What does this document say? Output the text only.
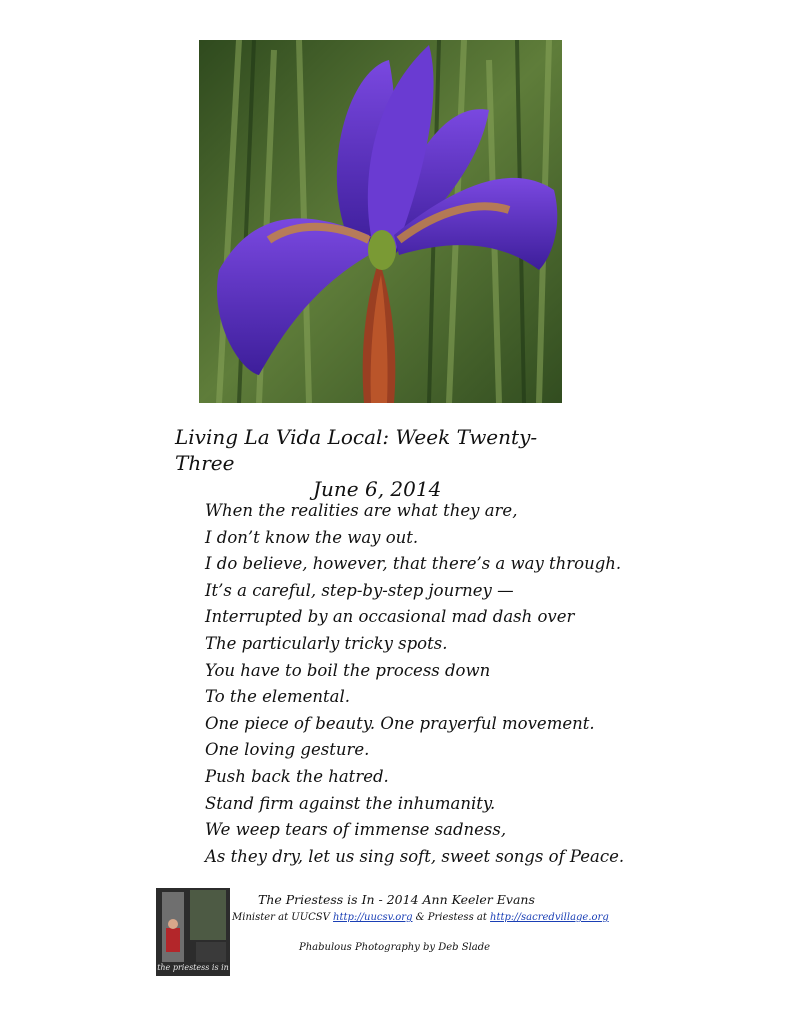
Living La Vida Local: Week Twenty-Three
June 6, 2014
When the realities are what they are,
I don’t know the way out.
I do believe, however, that there’s a way through.
It’s a careful, step-by-step journey —
Interrupted by an occasional mad dash over
The particularly tricky spots.
You have to boil the process down
To the elemental.
One piece of beauty. One prayerful movement.
One loving gesture.
Push back the hatred.
Stand firm against the inhumanity.
We weep tears of immense sadness,
As they dry, let us sing soft, sweet songs of Peace.
the priestess is in
The Priestess is In - 2014 Ann Keeler Evans
Minister at UUCSV http://uucsv.org & Priestess at http://sacredvillage.org
Phabulous Photography by Deb Slade
